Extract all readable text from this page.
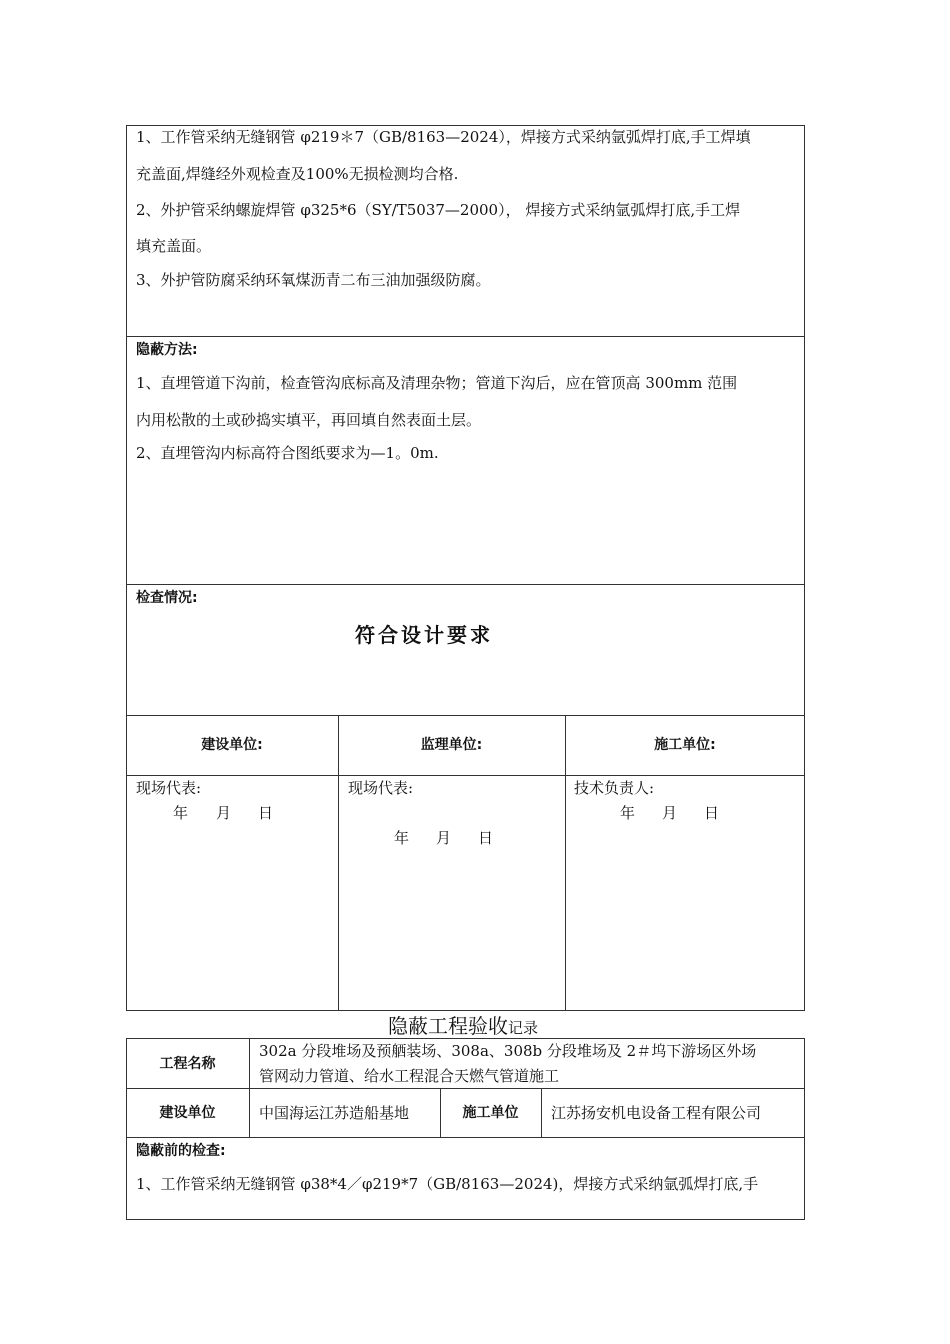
1、工作管采纳无缝钢管 φ219＊7（GB/8163—2024），焊接方式采纳氩弧焊打底,手工焊填
充盖面,焊缝经外观检查及100%无损检测均合格.
2、外护管采纳螺旋焊管 φ325*6（SY/T5037—2000）， 焊接方式采纳氩弧焊打底,手工焊
填充盖面。
3、外护管防腐采纳环氧煤沥青二布三油加强级防腐。
隐蔽方法:
1、直埋管道下沟前，检查管沟底标高及清理杂物；管道下沟后，应在管顶高 300mm 范围
内用松散的土或砂捣实填平，再回填自然表面土层。
2、直埋管沟内标高符合图纸要求为—1。0m.
检查情况:
符合设计要求
建设单位:	监理单位:	施工单位:
现场代表:
年 月 日
现场代表:
年 月 日
技术负责人:
年 月 日
隐蔽工程验收记录
工程名称
302a 分段堆场及预舾装场、308a、308b 分段堆场及 2＃坞下游场区外场
管网动力管道、给水工程混合天燃气管道施工
建设单位	中国海运江苏造船基地	施工单位	江苏扬安机电设备工程有限公司
隐蔽前的检查:
1、工作管采纳无缝钢管 φ38*4／φ219*7（GB/8163—2024)，焊接方式采纳氩弧焊打底,手
